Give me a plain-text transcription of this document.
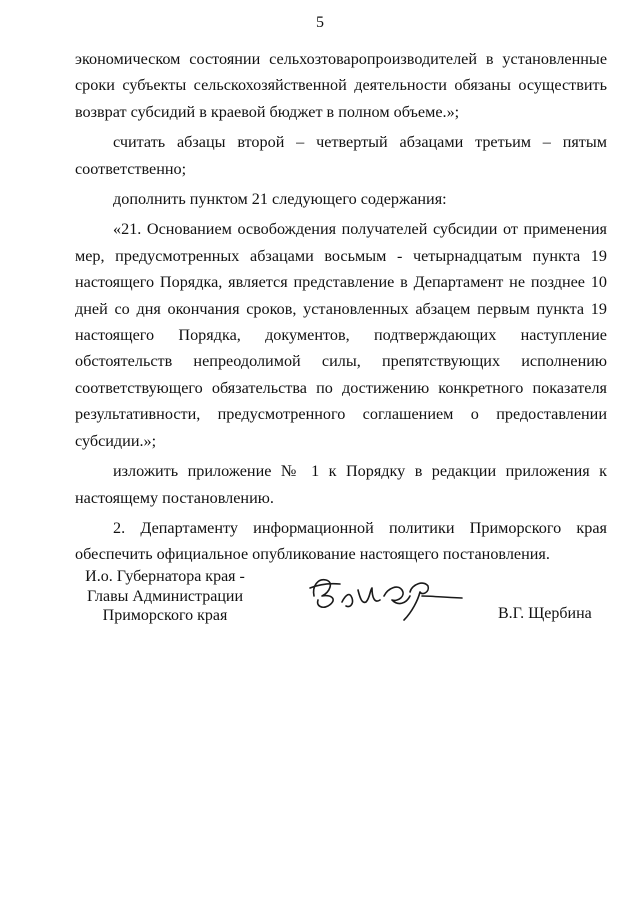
5

экономическом состоянии сельхозтоваропроизводителей в установленные сроки субъекты сельскохозяйственной деятельности обязаны осуществить возврат субсидий в краевой бюджет в полном объеме.»;

считать абзацы второй – четвертый абзацами третьим – пятым соответственно;

дополнить пунктом 21 следующего содержания:

«21. Основанием освобождения получателей субсидии от применения мер, предусмотренных абзацами восьмым - четырнадцатым пункта 19 настоящего Порядка, является представление в Департамент не позднее 10 дней со дня окончания сроков, установленных абзацем первым пункта 19 настоящего Порядка, документов, подтверждающих наступление обстоятельств непреодолимой силы, препятствующих исполнению соответствующего обязательства по достижению конкретного показателя результативности, предусмотренного соглашением о предоставлении субсидии.»;

изложить приложение № 1 к Порядку в редакции приложения к настоящему постановлению.

2. Департаменту информационной политики Приморского края обеспечить официальное опубликование настоящего постановления.

И.о. Губернатора края -
Главы Администрации
Приморского края	В.Г. Щербина
